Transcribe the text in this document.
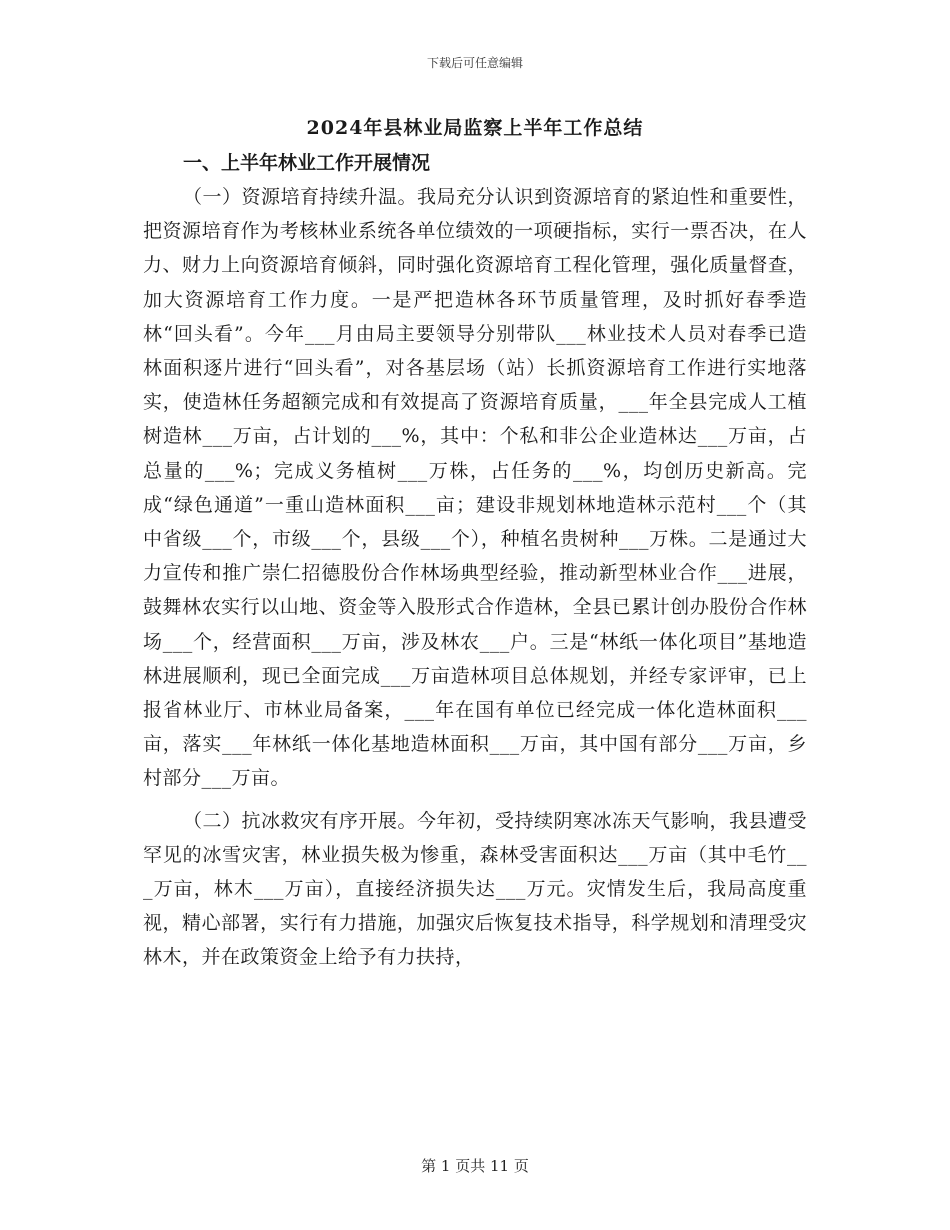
下载后可任意编辑
2024年县林业局监察上半年工作总结

一、上半年林业工作开展情况

（一）资源培育持续升温。我局充分认识到资源培育的紧迫性和重要性，把资源培育作为考核林业系统各单位绩效的一项硬指标，实行一票否决，在人力、财力上向资源培育倾斜，同时强化资源培育工程化管理，强化质量督查，加大资源培育工作力度。一是严把造林各环节质量管理，及时抓好春季造林“回头看”。今年___月由局主要领导分别带队___林业技术人员对春季已造林面积逐片进行“回头看”，对各基层场（站）长抓资源培育工作进行实地落实，使造林任务超额完成和有效提高了资源培育质量，___年全县完成人工植树造林___万亩，占计划的___%，其中：个私和非公企业造林达___万亩，占总量的___%；完成义务植树___万株，占任务的___%，均创历史新高。完成“绿色通道”一重山造林面积___亩；建设非规划林地造林示范村___个（其中省级___个，市级___个，县级___个），种植名贵树种___万株。二是通过大力宣传和推广崇仁招德股份合作林场典型经验，推动新型林业合作___进展，鼓舞林农实行以山地、资金等入股形式合作造林，全县已累计创办股份合作林场___个，经营面积___万亩，涉及林农___户。三是“林纸一体化项目”基地造林进展顺利，现已全面完成___万亩造林项目总体规划，并经专家评审，已上报省林业厅、市林业局备案，___年在国有单位已经完成一体化造林面积___亩，落实___年林纸一体化基地造林面积___万亩，其中国有部分___万亩，乡村部分___万亩。

（二）抗冰救灾有序开展。今年初，受持续阴寒冰冻天气影响，我县遭受罕见的冰雪灾害，林业损失极为惨重，森林受害面积达___万亩（其中毛竹___万亩，林木___万亩），直接经济损失达___万元。灾情发生后，我局高度重视，精心部署，实行有力措施，加强灾后恢复技术指导，科学规划和清理受灾林木，并在政策资金上给予有力扶持，

第 1 页共 11 页
